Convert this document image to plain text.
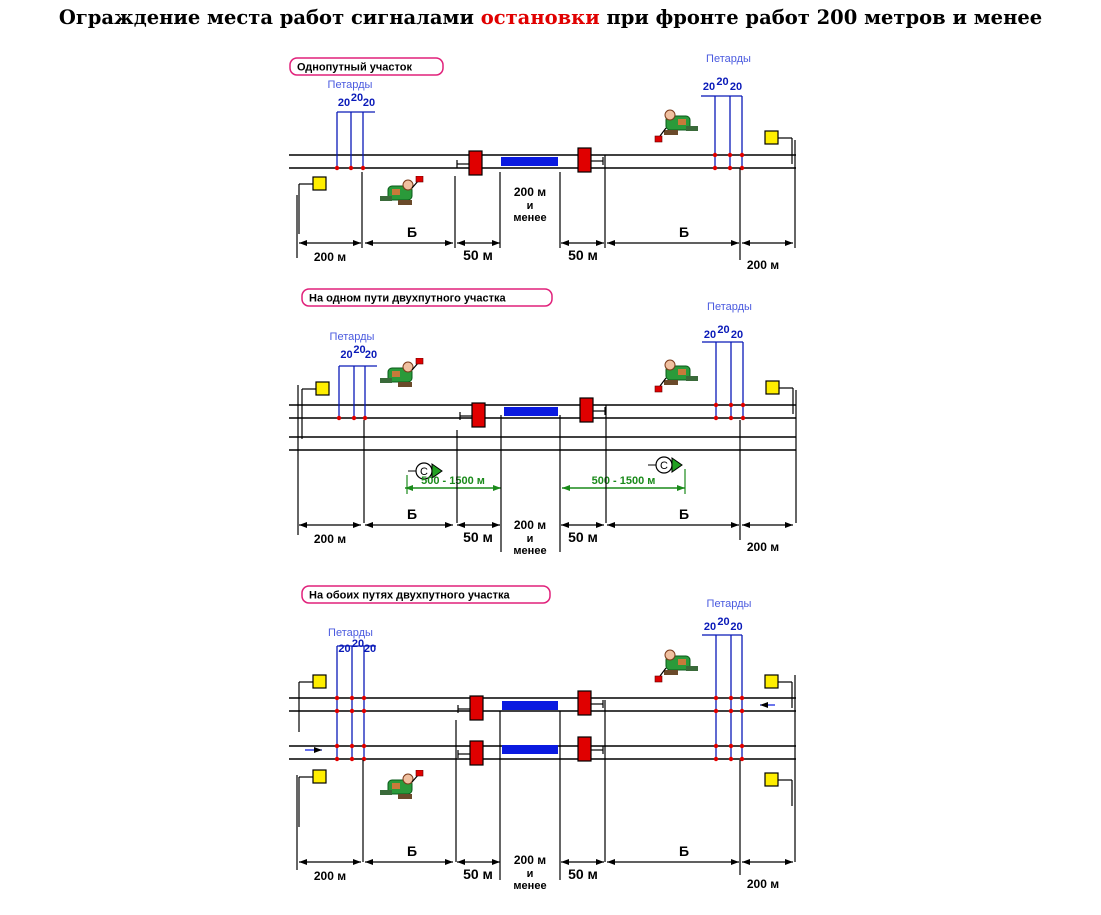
Ограждение места работ сигналами остановки при фронте работ 200 метров и менее
Однопутный участок
Петарды
20 20 20
Петарды
20 20 20
200 м
Б
50 м	50 м
Б
200 м
200 м
и
менее
На одном пути двухпутного участка
Петарды
20 20 20
Петарды
20 20 20
500 - 1500 м	500 - 1500 м
200 м
Б
50 м	50 м
Б
200 м
200 м
и
менее
На обоих путях двухпутного участка
Петарды
20 20 20
Петарды
20 20 20
200 м
Б
50 м	50 м
Б
200 м
200 м
и
менее
